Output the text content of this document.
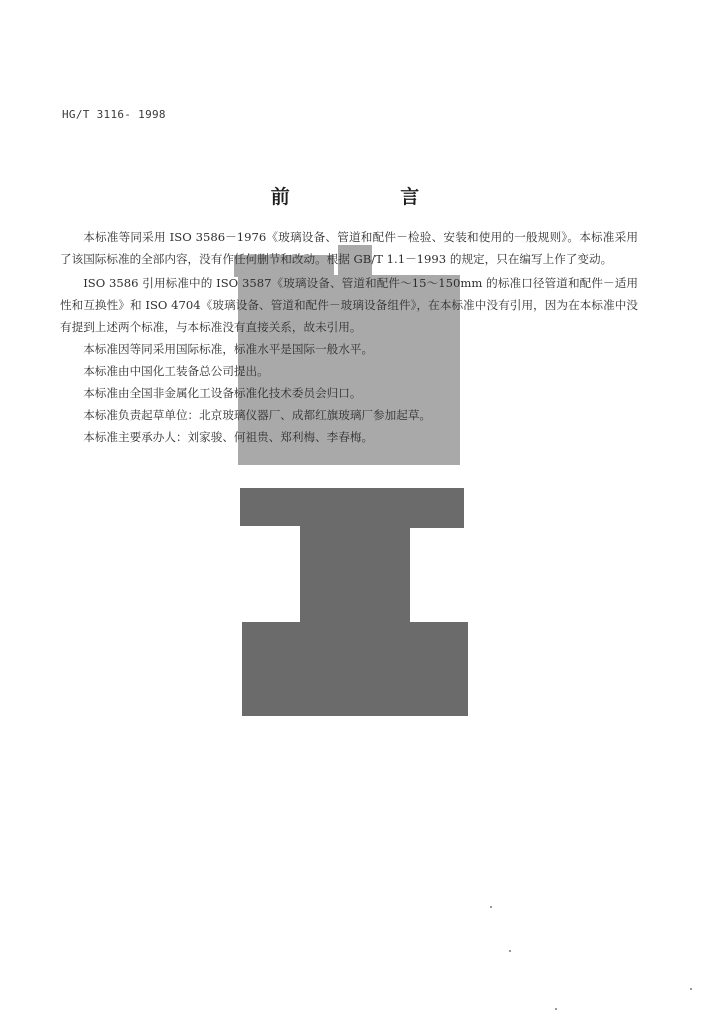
HG/T 3116- 1998
前 言

本标准等同采用 ISO 3586－1976《玻璃设备、管道和配件－检验、安装和使用的一般规则》。本标准采用了该国际标准的全部内容，没有作任何删节和改动。根据 GB/T 1.1－1993 的规定，只在编写上作了变动。

ISO 3586 引用标准中的 ISO 3587《玻璃设备、管道和配件～15～150mm 的标准口径管道和配件－适用性和互换性》和 ISO 4704《玻璃设备、管道和配件－玻璃设备组件》，在本标准中没有引用，因为在本标准中没有提到上述两个标准，与本标准没有直接关系，故未引用。

本标准因等同采用国际标准，标准水平是国际一般水平。

本标准由中国化工装备总公司提出。

本标准由全国非金属化工设备标准化技术委员会归口。

本标准负责起草单位：北京玻璃仪器厂、成都红旗玻璃厂参加起草。

本标准主要承办人：刘家骏、何祖贵、郑利梅、李春梅。
